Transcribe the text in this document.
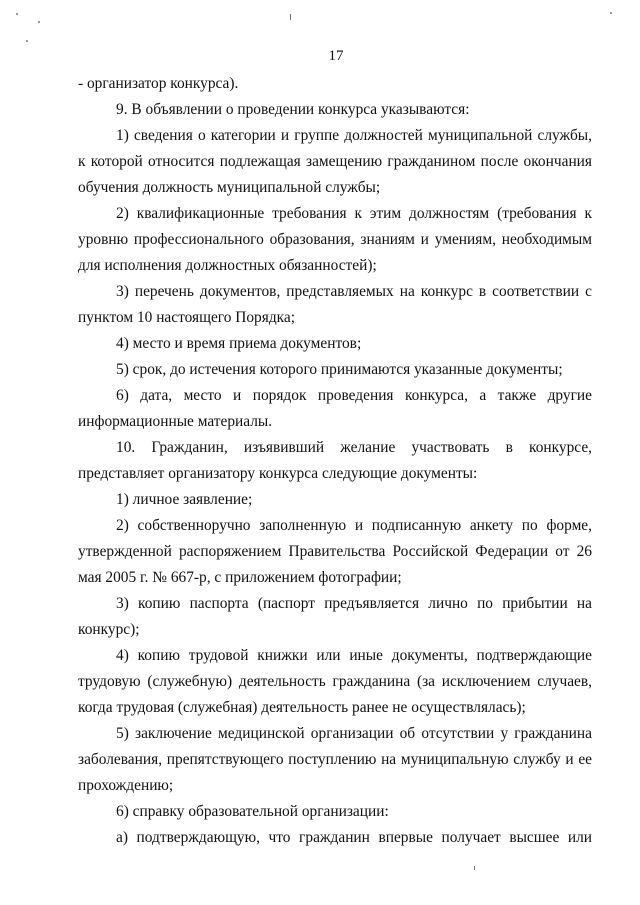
17

- организатор конкурса).

9. В объявлении о проведении конкурса указываются:

1) сведения о категории и группе должностей муниципальной службы, к которой относится подлежащая замещению гражданином после окончания обучения должность муниципальной службы;

2) квалификационные требования к этим должностям (требования к уровню профессионального образования, знаниям и умениям, необходимым для исполнения должностных обязанностей);

3) перечень документов, представляемых на конкурс в соответствии с пунктом 10 настоящего Порядка;

4) место и время приема документов;

5) срок, до истечения которого принимаются указанные документы;

6) дата, место и порядок проведения конкурса, а также другие информационные материалы.

10. Гражданин, изъявивший желание участвовать в конкурсе, представляет организатору конкурса следующие документы:

1) личное заявление;

2) собственноручно заполненную и подписанную анкету по форме, утвержденной распоряжением Правительства Российской Федерации от 26 мая 2005 г. № 667-р, с приложением фотографии;

3) копию паспорта (паспорт предъявляется лично по прибытии на конкурс);

4) копию трудовой книжки или иные документы, подтверждающие трудовую (служебную) деятельность гражданина (за исключением случаев, когда трудовая (служебная) деятельность ранее не осуществлялась);

5) заключение медицинской организации об отсутствии у гражданина заболевания, препятствующего поступлению на муниципальную службу и ее прохождению;

6) справку образовательной организации:

а) подтверждающую, что гражданин впервые получает высшее или
